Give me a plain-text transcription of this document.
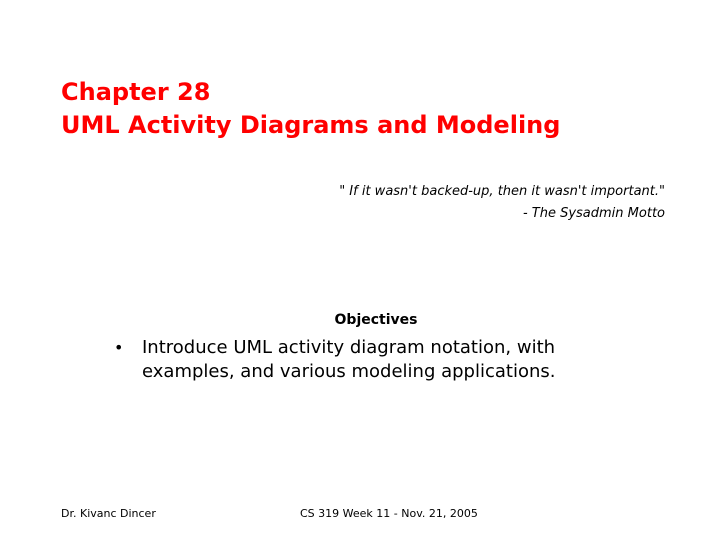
Chapter 28
UML Activity Diagrams and Modeling
" If it wasn't backed-up, then it wasn't important."
- The Sysadmin Motto
Objectives
• Introduce UML activity diagram notation, with examples, and various modeling applications.
Dr. Kivanc Dincer	CS 319 Week 11 - Nov. 21, 2005
